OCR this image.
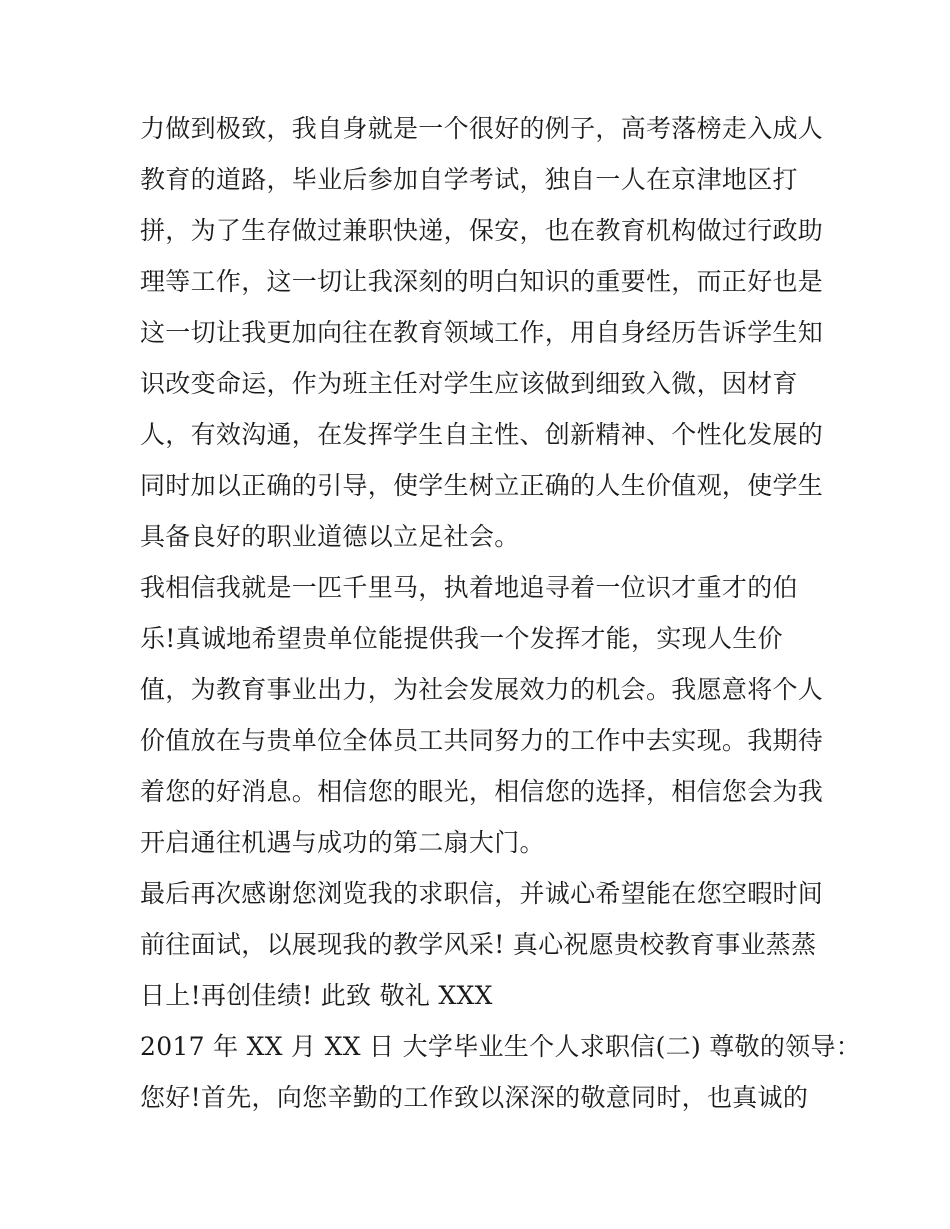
力做到极致，我自身就是一个很好的例子，高考落榜走入成人
教育的道路，毕业后参加自学考试，独自一人在京津地区打
拼，为了生存做过兼职快递，保安，也在教育机构做过行政助
理等工作，这一切让我深刻的明白知识的重要性，而正好也是
这一切让我更加向往在教育领域工作，用自身经历告诉学生知
识改变命运，作为班主任对学生应该做到细致入微，因材育
人，有效沟通，在发挥学生自主性、创新精神、个性化发展的
同时加以正确的引导，使学生树立正确的人生价值观，使学生
具备良好的职业道德以立足社会。
我相信我就是一匹千里马，执着地追寻着一位识才重才的伯
乐!真诚地希望贵单位能提供我一个发挥才能，实现人生价
值，为教育事业出力，为社会发展效力的机会。我愿意将个人
价值放在与贵单位全体员工共同努力的工作中去实现。我期待
着您的好消息。相信您的眼光，相信您的选择，相信您会为我
开启通往机遇与成功的第二扇大门。
最后再次感谢您浏览我的求职信，并诚心希望能在您空暇时间
前往面试，以展现我的教学风采! 真心祝愿贵校教育事业蒸蒸
日上!再创佳绩! 此致 敬礼 XXX
2017 年 XX 月 XX 日 大学毕业生个人求职信(二) 尊敬的领导：
您好!首先，向您辛勤的工作致以深深的敬意同时，也真诚的
